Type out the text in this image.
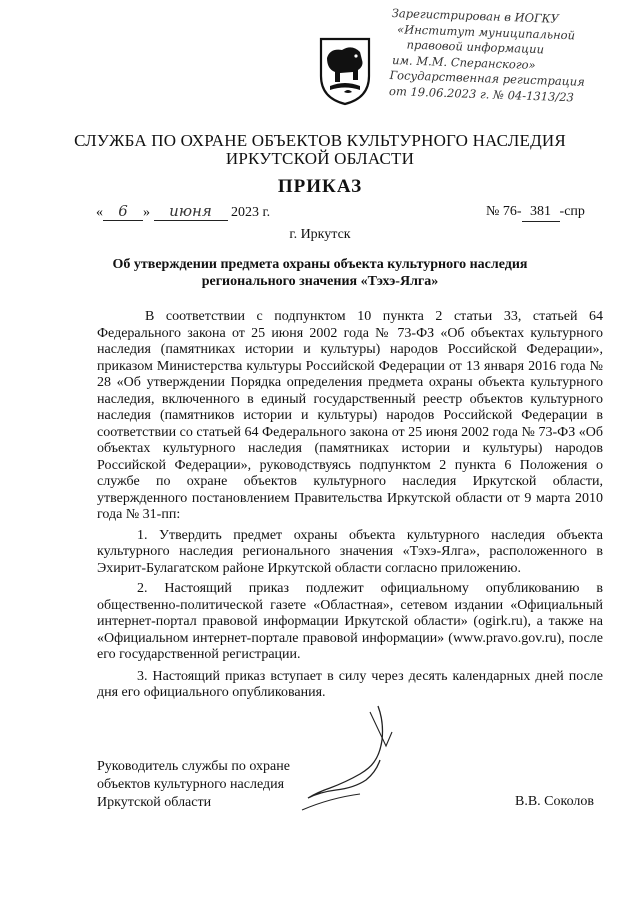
Зарегистрирован в ИОГКУ
«Институт муниципальной
правовой информации
им. М.М. Сперанского»
Государственная регистрация
от 19.06.2023 г. № 04-1313/23
СЛУЖБА ПО ОХРАНЕ ОБЪЕКТОВ КУЛЬТУРНОГО НАСЛЕДИЯ
ИРКУТСКОЙ ОБЛАСТИ
ПРИКАЗ
« 6 » июня 2023 г.	№ 76- 381 -спр
г. Иркутск
Об утверждении предмета охраны объекта культурного наследия
регионального значения «Тэхэ-Ялга»

В соответствии с подпунктом 10 пункта 2 статьи 33, статьей 64 Федерального закона от 25 июня 2002 года № 73-ФЗ «Об объектах культурного наследия (памятниках истории и культуры) народов Российской Федерации», приказом Министерства культуры Российской Федерации от 13 января 2016 года № 28 «Об утверждении Порядка определения предмета охраны объекта культурного наследия, включенного в единый государственный реестр объектов культурного наследия (памятников истории и культуры) народов Российской Федерации в соответствии со статьей 64 Федерального закона от 25 июня 2002 года № 73-ФЗ «Об объектах культурного наследия (памятниках истории и культуры) народов Российской Федерации», руководствуясь подпунктом 2 пункта 6 Положения о службе по охране объектов культурного наследия Иркутской области, утвержденного постановлением Правительства Иркутской области от 9 марта 2010 года № 31-пп:

1. Утвердить предмет охраны объекта культурного наследия объекта культурного наследия регионального значения «Тэхэ-Ялга», расположенного в Эхирит-Булагатском районе Иркутской области согласно приложению.

2. Настоящий приказ подлежит официальному опубликованию в общественно-политической газете «Областная», сетевом издании «Официальный интернет-портал правовой информации Иркутской области» (ogirk.ru), а также на «Официальном интернет-портале правовой информации» (www.pravo.gov.ru), после его государственной регистрации.

3. Настоящий приказ вступает в силу через десять календарных дней после дня его официального опубликования.

Руководитель службы по охране
объектов культурного наследия
Иркутской области	В.В. Соколов
